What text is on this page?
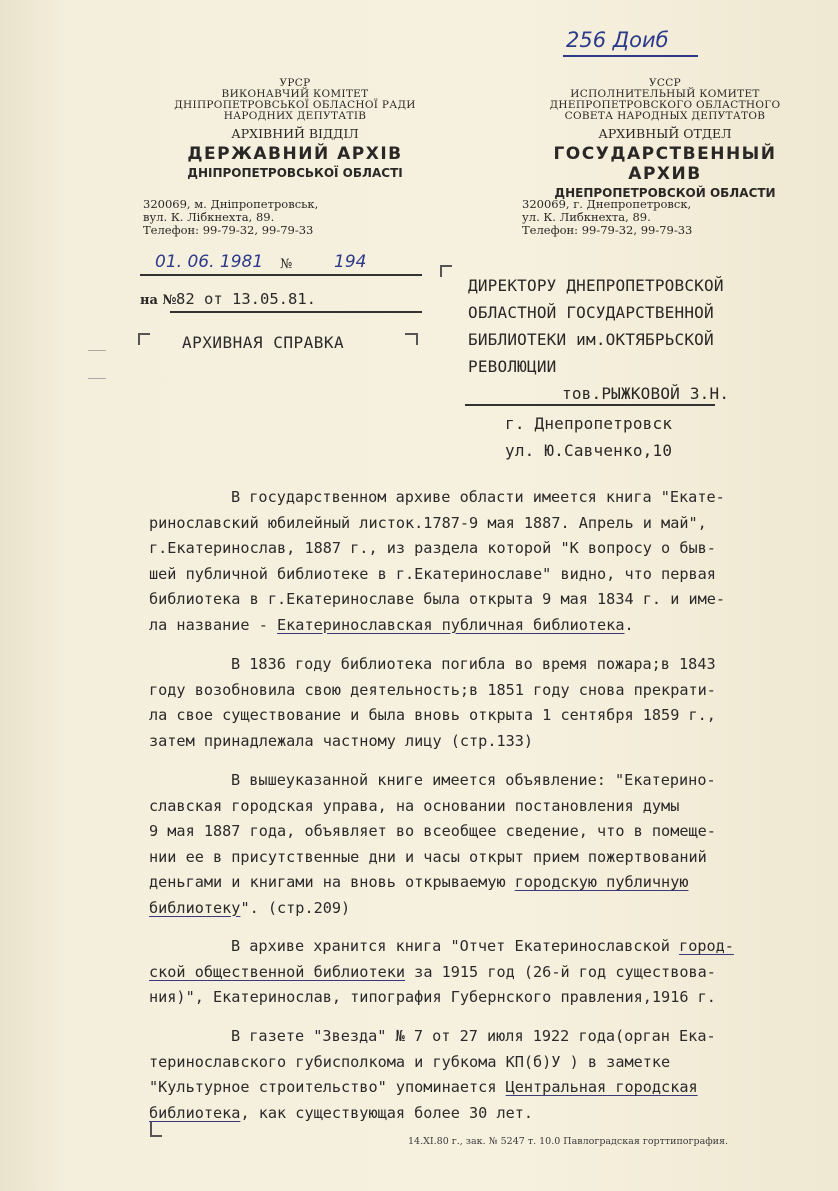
256 Доиб
УРСР
ВИКОНАВЧИЙ КОМІТЕТ
ДНІПРОПЕТРОВСЬКОЇ ОБЛАСНОЇ РАДИ
НАРОДНИХ ДЕПУТАТІВ
АРХІВНИЙ ВІДДІЛ
ДЕРЖАВНИЙ АРХІВ
ДНІПРОПЕТРОВСЬКОЇ ОБЛАСТІ
320069, м. Дніпропетровськ,
вул. К. Лібкнехта, 89.
Телефон: 99-79-32, 99-79-33
УССР
ИСПОЛНИТЕЛЬНЫЙ КОМИТЕТ
ДНЕПРОПЕТРОВСКОГО ОБЛАСТНОГО
СОВЕТА НАРОДНЫХ ДЕПУТАТОВ
АРХИВНЫЙ ОТДЕЛ
ГОСУДАРСТВЕННЫЙ АРХИВ
ДНЕПРОПЕТРОВСКОЙ ОБЛАСТИ
320069, г. Днепропетровск,
ул. К. Либкнехта, 89.
Телефон: 99-79-32, 99-79-33
01. 06. 1981 № 194
на № 82 от 13.05.81.
АРХИВНАЯ СПРАВКА
ДИРЕКТОРУ ДНЕПРОПЕТРОВСКОЙ
ОБЛАСТНОЙ ГОСУДАРСТВЕННОЙ
БИБЛИОТЕКИ им.ОКТЯБРЬСКОЙ
РЕВОЛЮЦИИ
тов.РЫЖКОВОЙ З.Н.
г. Днепропетровск
ул. Ю.Савченко,10
В государственном архиве области имеется книга "Екате-
ринославский юбилейный листок.1787-9 мая 1887. Апрель и май",
г.Екатеринослав, 1887 г., из раздела которой "К вопросу о быв-
шей публичной библиотеке в г.Екатеринославе" видно, что первая
библиотека в г.Екатеринославе была открыта 9 мая 1834 г. и име-
ла название - Екатеринославская публичная библиотека.
В 1836 году библиотека погибла во время пожара;в 1843
году возобновила свою деятельность;в 1851 году снова прекрати-
ла свое существование и была вновь открыта 1 сентября 1859 г.,
затем принадлежала частному лицу (стр.133)
В вышеуказанной книге имеется объявление: "Екатерино-
славская городская управа, на основании постановления думы
9 мая 1887 года, объявляет во всеобщее сведение, что в помеще-
нии ее в присутственные дни и часы открыт прием пожертвований
деньгами и книгами на вновь открываемую городскую публичную
библиотеку". (стр.209)
В архиве хранится книга "Отчет Екатеринославской город-
ской общественной библиотеки за 1915 год (26-й год существова-
ния)", Екатеринослав, типография Губернского правления,1916 г.
В газете "Звезда" № 7 от 27 июля 1922 года(орган Ека-
теринославского губисполкома и губкома КП(б)У ) в заметке
"Культурное строительство" упоминается Центральная городская
библиотека, как существующая более 30 лет.
14.XI.80 г., зак. № 5247 т. 10.0 Павлоградская горттипография.
